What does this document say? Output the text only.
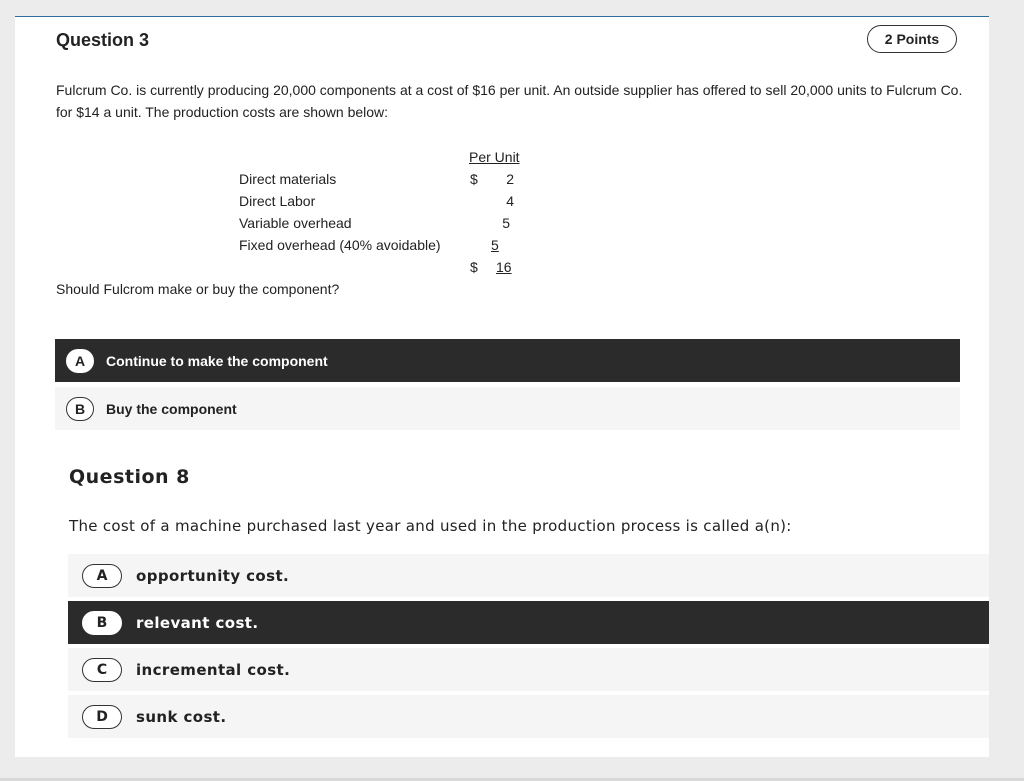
Question 3	2 Points
Fulcrum Co. is currently producing 20,000 components at a cost of $16 per unit. An outside supplier has offered to sell 20,000 units to Fulcrum Co. for $14 a unit. The production costs are shown below:
Per Unit
Direct materials	$	2
Direct Labor	4
Variable overhead	5
Fixed overhead (40% avoidable)	5
$ 16
Should Fulcrom make or buy the component?
A	Continue to make the component
B	Buy the component
Question 8
The cost of a machine purchased last year and used in the production process is called a(n):
A	opportunity cost.
B	relevant cost.
C	incremental cost.
D	sunk cost.
